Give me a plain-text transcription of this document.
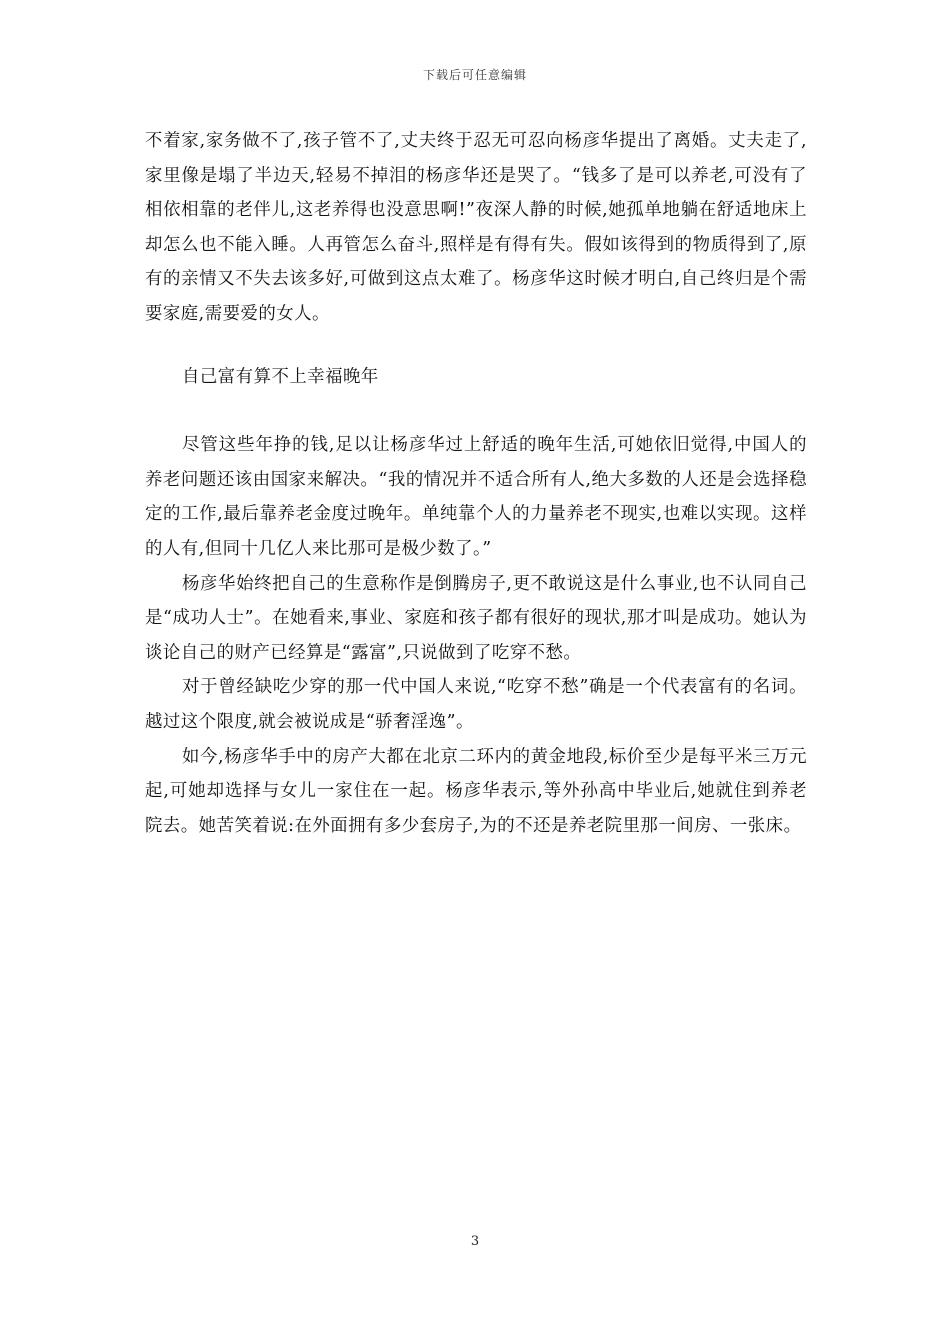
下载后可任意编辑

不着家,家务做不了,孩子管不了,丈夫终于忍无可忍向杨彦华提出了离婚。丈夫走了,家里像是塌了半边天,轻易不掉泪的杨彦华还是哭了。“钱多了是可以养老,可没有了相依相靠的老伴儿,这老养得也没意思啊!”夜深人静的时候,她孤单地躺在舒适地床上却怎么也不能入睡。人再管怎么奋斗,照样是有得有失。假如该得到的物质得到了,原有的亲情又不失去该多好,可做到这点太难了。杨彦华这时候才明白,自己终归是个需要家庭,需要爱的女人。

自己富有算不上幸福晚年

尽管这些年挣的钱,足以让杨彦华过上舒适的晚年生活,可她依旧觉得,中国人的养老问题还该由国家来解决。“我的情况并不适合所有人,绝大多数的人还是会选择稳定的工作,最后靠养老金度过晚年。单纯靠个人的力量养老不现实,也难以实现。这样的人有,但同十几亿人来比那可是极少数了。”

杨彦华始终把自己的生意称作是倒腾房子,更不敢说这是什么事业,也不认同自己是“成功人士”。在她看来,事业、家庭和孩子都有很好的现状,那才叫是成功。她认为谈论自己的财产已经算是“露富”,只说做到了吃穿不愁。

对于曾经缺吃少穿的那一代中国人来说,“吃穿不愁”确是一个代表富有的名词。越过这个限度,就会被说成是“骄奢淫逸”。

如今,杨彦华手中的房产大都在北京二环内的黄金地段,标价至少是每平米三万元起,可她却选择与女儿一家住在一起。杨彦华表示,等外孙高中毕业后,她就住到养老院去。她苦笑着说:在外面拥有多少套房子,为的不还是养老院里那一间房、一张床。

3
